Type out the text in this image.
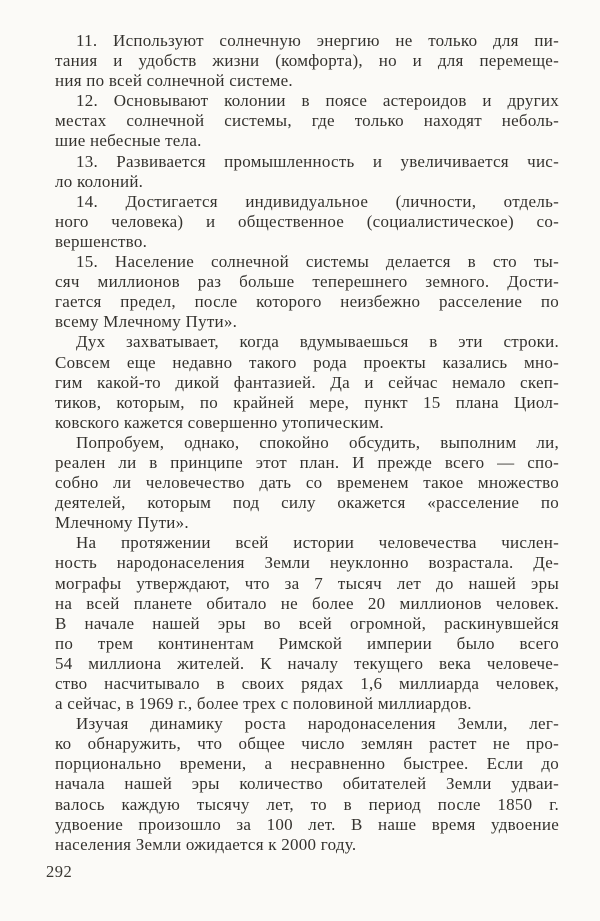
11. Используют солнечную энергию не только для пи-
тания и удобств жизни (комфорта), но и для перемеще-
ния по всей солнечной системе.
12. Основывают колонии в поясе астероидов и других
местах солнечной системы, где только находят неболь-
шие небесные тела.
13. Развивается промышленность и увеличивается чис-
ло колоний.
14. Достигается индивидуальное (личности, отдель-
ного человека) и общественное (социалистическое) со-
вершенство.
15. Население солнечной системы делается в сто ты-
сяч миллионов раз больше теперешнего земного. Дости-
гается предел, после которого неизбежно расселение по
всему Млечному Пути».
Дух захватывает, когда вдумываешься в эти строки.
Совсем еще недавно такого рода проекты казались мно-
гим какой-то дикой фантазией. Да и сейчас немало скеп-
тиков, которым, по крайней мере, пункт 15 плана Циол-
ковского кажется совершенно утопическим.
Попробуем, однако, спокойно обсудить, выполним ли,
реален ли в принципе этот план. И прежде всего — спо-
собно ли человечество дать со временем такое множество
деятелей, которым под силу окажется «расселение по
Млечному Пути».
На протяжении всей истории человечества числен-
ность народонаселения Земли неуклонно возрастала. Де-
мографы утверждают, что за 7 тысяч лет до нашей эры
на всей планете обитало не более 20 миллионов человек.
В начале нашей эры во всей огромной, раскинувшейся
по трем континентам Римской империи было всего
54 миллиона жителей. К началу текущего века человече-
ство насчитывало в своих рядах 1,6 миллиарда человек,
а сейчас, в 1969 г., более трех с половиной миллиардов.
Изучая динамику роста народонаселения Земли, лег-
ко обнаружить, что общее число землян растет не про-
порционально времени, а несравненно быстрее. Если до
начала нашей эры количество обитателей Земли удваи-
валось каждую тысячу лет, то в период после 1850 г.
удвоение произошло за 100 лет. В наше время удвоение
населения Земли ожидается к 2000 году.
292
